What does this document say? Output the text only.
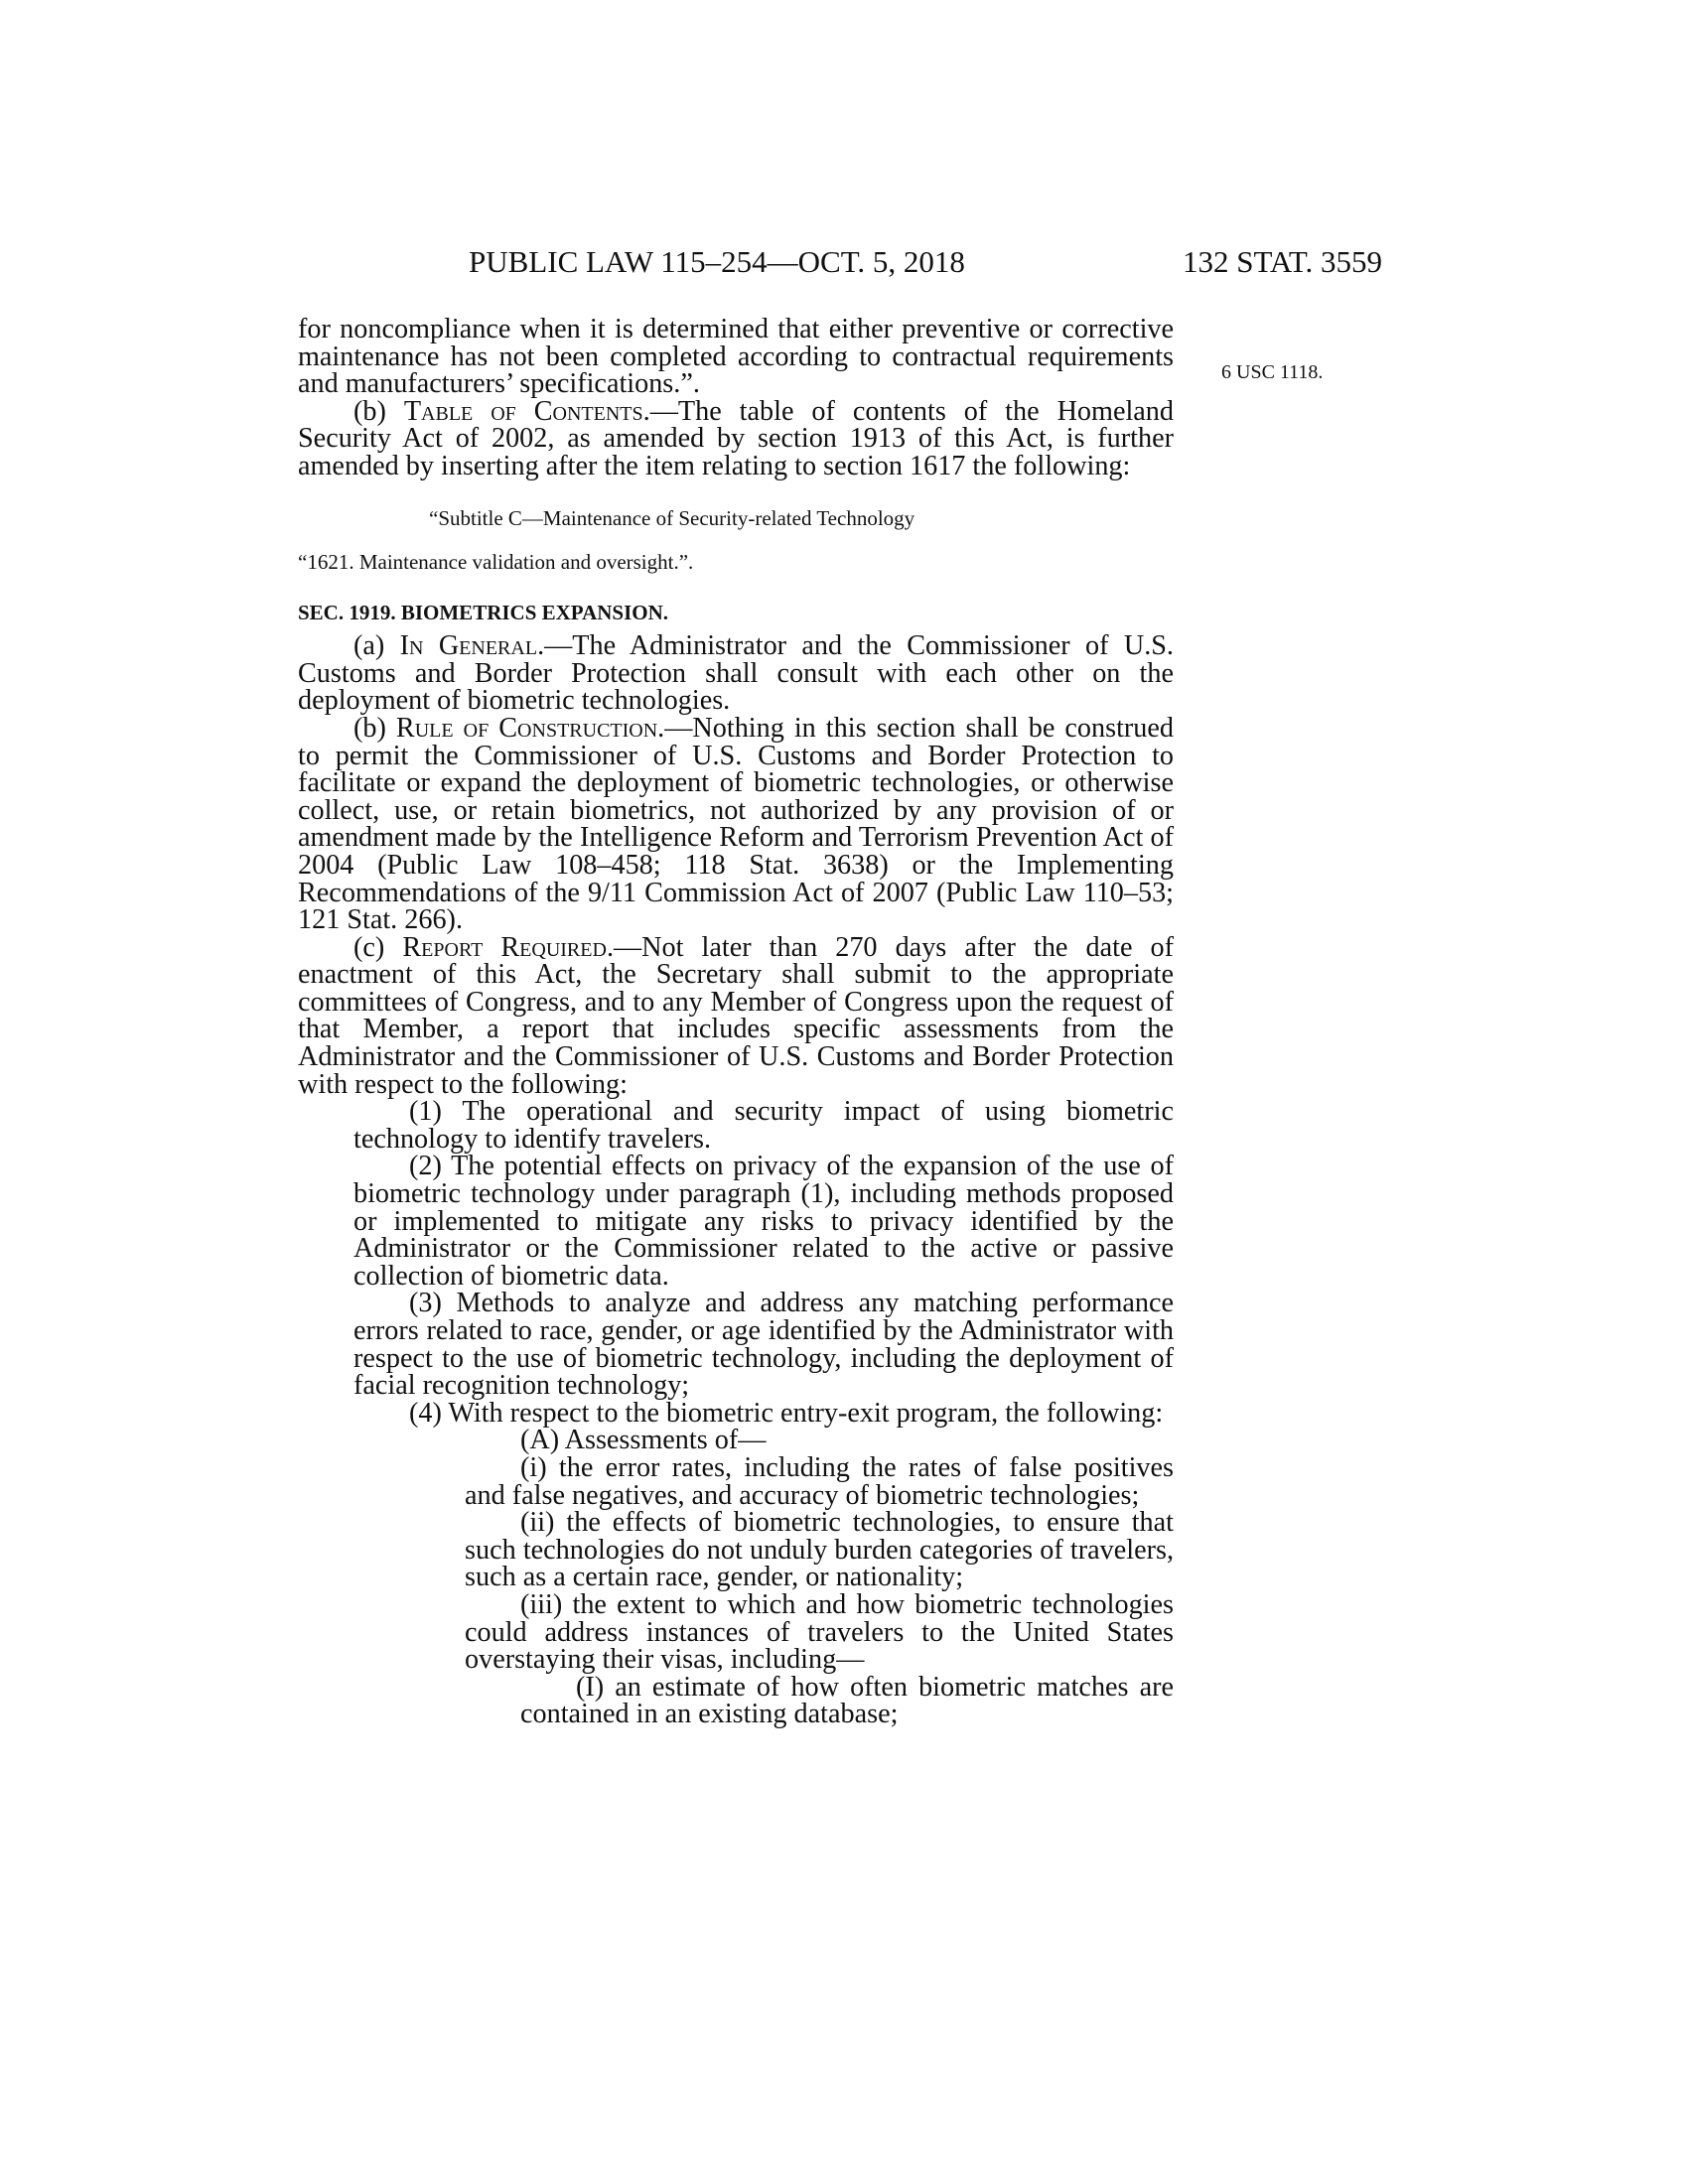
PUBLIC LAW 115–254—OCT. 5, 2018	132 STAT. 3559
6 USC 1118.

for noncompliance when it is determined that either preventive or corrective maintenance has not been completed according to contractual requirements and manufacturers’ specifications.”.

(b) Table of Contents.—The table of contents of the Homeland Security Act of 2002, as amended by section 1913 of this Act, is further amended by inserting after the item relating to section 1617 the following:

“Subtitle C—Maintenance of Security-related Technology

“1621. Maintenance validation and oversight.”.

SEC. 1919. BIOMETRICS EXPANSION.

(a) In General.—The Administrator and the Commissioner of U.S. Customs and Border Protection shall consult with each other on the deployment of biometric technologies.

(b) Rule of Construction.—Nothing in this section shall be construed to permit the Commissioner of U.S. Customs and Border Protection to facilitate or expand the deployment of biometric technologies, or otherwise collect, use, or retain biometrics, not authorized by any provision of or amendment made by the Intelligence Reform and Terrorism Prevention Act of 2004 (Public Law 108–458; 118 Stat. 3638) or the Implementing Recommendations of the 9/11 Commission Act of 2007 (Public Law 110–53; 121 Stat. 266).

(c) Report Required.—Not later than 270 days after the date of enactment of this Act, the Secretary shall submit to the appropriate committees of Congress, and to any Member of Congress upon the request of that Member, a report that includes specific assessments from the Administrator and the Commissioner of U.S. Customs and Border Protection with respect to the following:

(1) The operational and security impact of using biometric technology to identify travelers.

(2) The potential effects on privacy of the expansion of the use of biometric technology under paragraph (1), including methods proposed or implemented to mitigate any risks to privacy identified by the Administrator or the Commissioner related to the active or passive collection of biometric data.

(3) Methods to analyze and address any matching performance errors related to race, gender, or age identified by the Administrator with respect to the use of biometric technology, including the deployment of facial recognition technology;

(4) With respect to the biometric entry-exit program, the following:

(A) Assessments of—

(i) the error rates, including the rates of false positives and false negatives, and accuracy of biometric technologies;

(ii) the effects of biometric technologies, to ensure that such technologies do not unduly burden categories of travelers, such as a certain race, gender, or nationality;

(iii) the extent to which and how biometric technologies could address instances of travelers to the United States overstaying their visas, including—

(I) an estimate of how often biometric matches are contained in an existing database;
